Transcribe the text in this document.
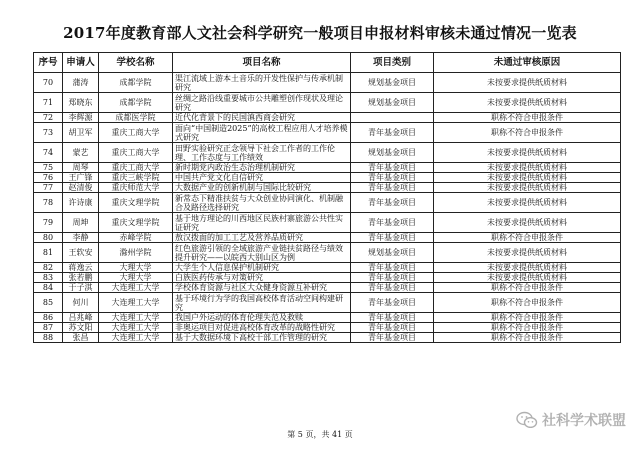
2017年度教育部人文社会科学研究一般项目申报材料审核未通过情况一览表
序号	申请人	学校名称	项目名称	项目类别	未通过审核原因
70	蒲涛	成都学院	渠江流域上游本土音乐的开发性保护与传承机制研究	规划基金项目	未按要求提供纸质材料
71	郑晓东	成都学院	丝绸之路沿线重要城市公共雕塑创作现状及理论研究	规划基金项目	未按要求提供纸质材料
72	李辉源	成都医学院	近代化背景下的民国滇西商会研究		职称不符合申报条件
73	胡卫军	重庆工商大学	面向“中国制造2025”的高校工程应用人才培养模式研究	青年基金项目	职称不符合申报条件
74	蒙艺	重庆工商大学	田野实验研究正念领导下社会工作者的工作伦理、工作态度与工作绩效	规划基金项目	未按要求提供纸质材料
75	周琴	重庆工商大学	新时期党内政治生态治理机制研究	青年基金项目	未按要求提供纸质材料
76	王广锋	重庆三峡学院	中国共产党文化自信研究	青年基金项目	未按要求提供纸质材料
77	赵清俊	重庆师范大学	大数据产业的创新机制与国际比较研究	青年基金项目	未按要求提供纸质材料
78	许诗康	重庆文理学院	新常态下精准扶贫与大众创业协同演化、机制融合及路径选择研究	青年基金项目	未按要求提供纸质材料
79	周坤	重庆文理学院	基于地方理论的川西地区民族村寨旅游公共性实证研究	青年基金项目	未按要求提供纸质材料
80	李静	赤峰学院	敖汉拨面的加工工艺及营养品质研究	青年基金项目	职称不符合申报条件
81	王软安	滁州学院	红色旅游引领的全域旅游产业链扶贫路径与绩效提升研究——以皖西大别山区为例	规划基金项目	未按要求提供纸质材料
82	蒋逸云	大理大学	大学生个人信息保护机制研究	青年基金项目	未按要求提供纸质材料
83	张若鹏	大理大学	白族医药传承与对策研究	青年基金项目	未按要求提供纸质材料
84	于子淇	大连理工大学	学校体育资源与社区大众健身资源互补研究	青年基金项目	职称不符合申报条件
85	何川	大连理工大学	基于环境行为学的我国高校体育活动空间构建研究	青年基金项目	职称不符合申报条件
86	吕兆峰	大连理工大学	我国户外运动的体育伦理失范及救赎	青年基金项目	职称不符合申报条件
87	苏文阳	大连理工大学	非奥运项目对促进高校体育改革的战略性研究	青年基金项目	职称不符合申报条件
88	张昌	大连理工大学	基于大数据环境下高校干部工作管理的研究	青年基金项目	职称不符合申报条件
第 5 页，共 41 页
社科学术联盟
